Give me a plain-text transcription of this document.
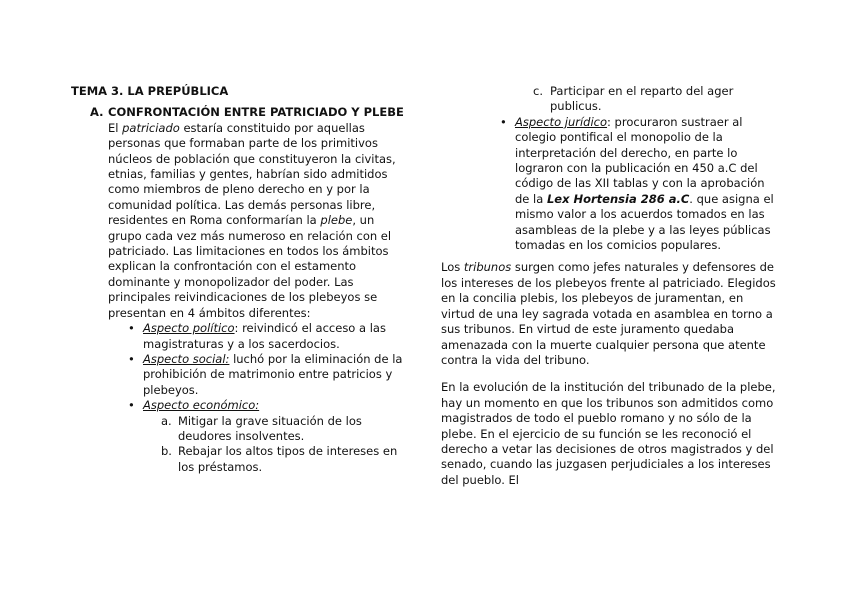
TEMA 3. LA PREPÚBLICA
A. CONFRONTACIÓN ENTRE PATRICIADO Y PLEBE
El patriciado estaría constituido por aquellas personas que formaban parte de los primitivos núcleos de población que constituyeron la civitas, etnias, familias y gentes, habrían sido admitidos como miembros de pleno derecho en y por la comunidad política. Las demás personas libre, residentes en Roma conformarían la plebe, un grupo cada vez más numeroso en relación con el patriciado. Las limitaciones en todos los ámbitos explican la confrontación con el estamento dominante y monopolizador del poder. Las principales reivindicaciones de los plebeyos se presentan en 4 ámbitos diferentes:
• Aspecto político: reivindicó el acceso a las magistraturas y a los sacerdocios.
• Aspecto social: luchó por la eliminación de la prohibición de matrimonio entre patricios y plebeyos.
• Aspecto económico:
a. Mitigar la grave situación de los deudores insolventes.
b. Rebajar los altos tipos de intereses en los préstamos.
c. Participar en el reparto del ager publicus.
• Aspecto jurídico: procuraron sustraer al colegio pontifical el monopolio de la interpretación del derecho, en parte lo lograron con la publicación en 450 a.C del código de las XII tablas y con la aprobación de la Lex Hortensia 286 a.C. que asigna el mismo valor a los acuerdos tomados en las asambleas de la plebe y a las leyes públicas tomadas en los comicios populares.
Los tribunos surgen como jefes naturales y defensores de los intereses de los plebeyos frente al patriciado. Elegidos en la concilia plebis, los plebeyos de juramentan, en virtud de una ley sagrada votada en asamblea en torno a sus tribunos. En virtud de este juramento quedaba amenazada con la muerte cualquier persona que atente contra la vida del tribuno.
En la evolución de la institución del tribunado de la plebe, hay un momento en que los tribunos son admitidos como magistrados de todo el pueblo romano y no sólo de la plebe. En el ejercicio de su función se les reconoció el derecho a vetar las decisiones de otros magistrados y del senado, cuando las juzgasen perjudiciales a los intereses del pueblo. El
